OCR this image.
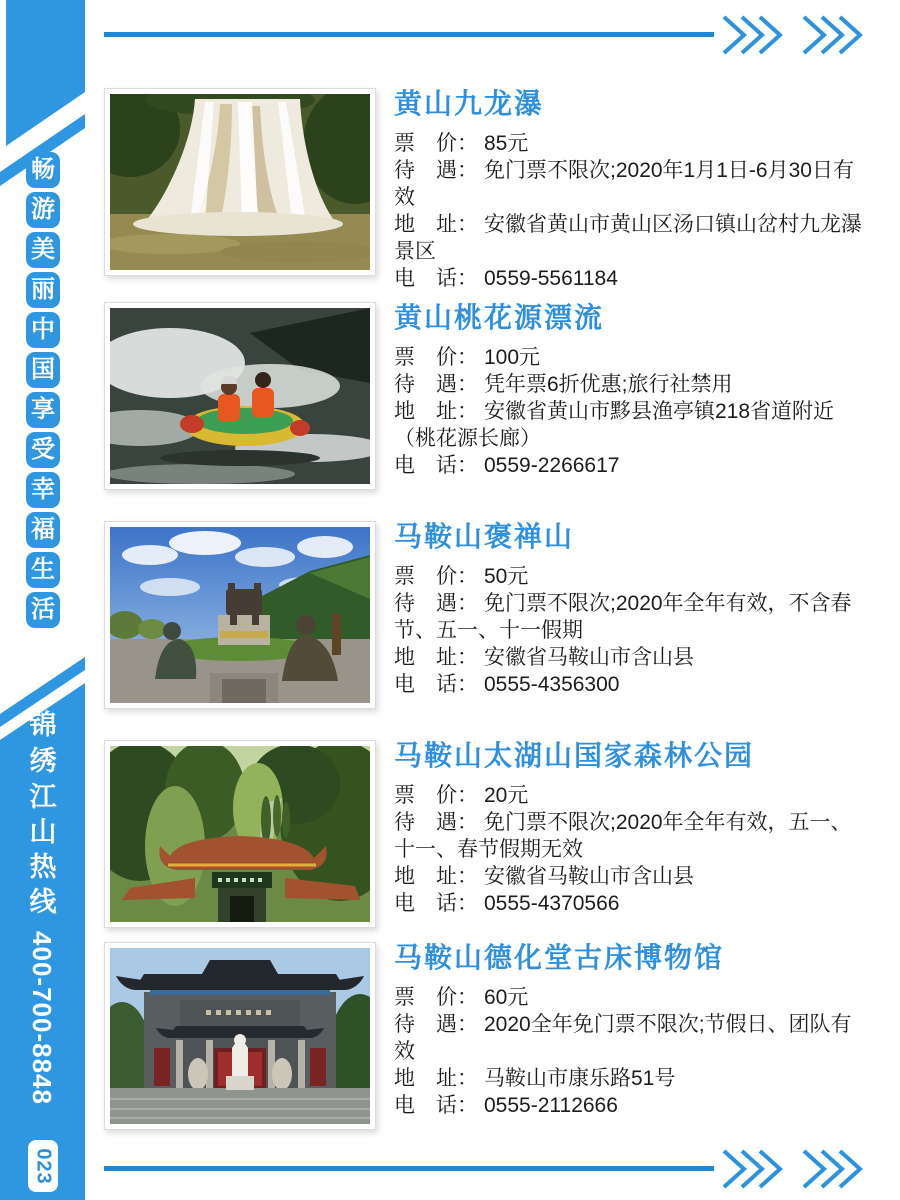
畅
游
美
丽
中
国
享
受
幸
福
生
活
锦
绣
江
山
热
线
400-700-8848
023
黄山九龙瀑

票 价： 85元

待 遇： 免门票不限次;2020年1月1日-6月30日有效

地 址： 安徽省黄山市黄山区汤口镇山岔村九龙瀑景区

电 话： 0559-5561184

黄山桃花源漂流

票 价： 100元

待 遇： 凭年票6折优惠;旅行社禁用

地 址： 安徽省黄山市黟县渔亭镇218省道附近（桃花源长廊）

电 话： 0559-2266617

马鞍山褒禅山

票 价： 50元

待 遇： 免门票不限次;2020年全年有效，不含春节、五一、十一假期

地 址： 安徽省马鞍山市含山县

电 话： 0555-4356300

马鞍山太湖山国家森林公园

票 价： 20元

待 遇： 免门票不限次;2020年全年有效，五一、十一、春节假期无效

地 址： 安徽省马鞍山市含山县

电 话： 0555-4370566

马鞍山德化堂古床博物馆

票 价： 60元

待 遇： 2020全年免门票不限次;节假日、团队有效

地 址： 马鞍山市康乐路51号

电 话： 0555-2112666
